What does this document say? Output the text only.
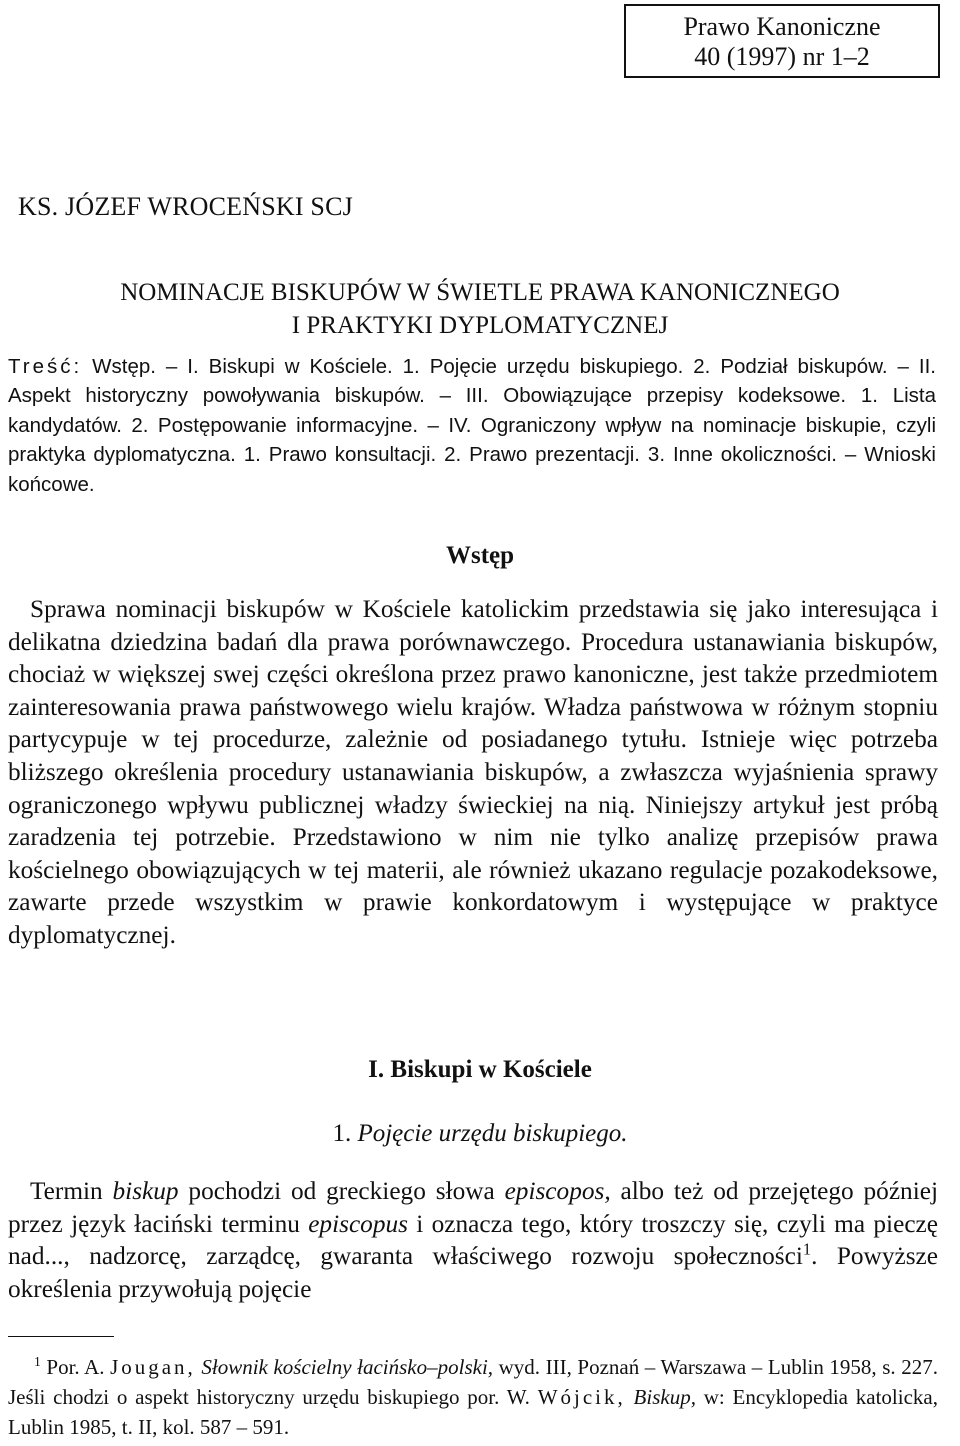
Prawo Kanoniczne
40 (1997) nr 1–2
KS. JÓZEF WROCEŃSKI SCJ
NOMINACJE BISKUPÓW W ŚWIETLE PRAWA KANONICZNEGO
I PRAKTYKI DYPLOMATYCZNEJ
Treść: Wstęp. – I. Biskupi w Kościele. 1. Pojęcie urzędu biskupiego. 2. Podział biskupów. – II. Aspekt historyczny powoływania biskupów. – III. Obowiązujące przepisy kodeksowe. 1. Lista kandydatów. 2. Postępowanie informacyjne. – IV. Ograniczony wpływ na nominacje biskupie, czyli praktyka dyplomatyczna. 1. Prawo konsultacji. 2. Prawo prezentacji. 3. Inne okoliczności. – Wnioski końcowe.
Wstęp
Sprawa nominacji biskupów w Kościele katolickim przedstawia się jako interesująca i delikatna dziedzina badań dla prawa porównawczego. Procedura ustanawiania biskupów, chociaż w większej swej części określona przez prawo kanoniczne, jest także przedmiotem zainteresowania prawa państwowego wielu krajów. Władza państwowa w różnym stopniu partycypuje w tej procedurze, zależnie od posiadanego tytułu. Istnieje więc potrzeba bliższego określenia procedury ustanawiania biskupów, a zwłaszcza wyjaśnienia sprawy ograniczonego wpływu publicznej władzy świeckiej na nią. Niniejszy artykuł jest próbą zaradzenia tej potrzebie. Przedstawiono w nim nie tylko analizę przepisów prawa kościelnego obowiązujących w tej materii, ale również ukazano regulacje pozakodeksowe, zawarte przede wszystkim w prawie konkordatowym i występujące w praktyce dyplomatycznej.
I. Biskupi w Kościele
1. Pojęcie urzędu biskupiego.
Termin biskup pochodzi od greckiego słowa episcopos, albo też od przejętego później przez język łaciński terminu episcopus i oznacza tego, który troszczy się, czyli ma pieczę nad..., nadzorcę, zarządcę, gwaranta właściwego rozwoju społeczności$^1$. Powyższe określenia przywołują pojęcie
$^1$ Por. A. Jougan, Słownik kościelny łacińsko–polski, wyd. III, Poznań – Warszawa – Lublin 1958, s. 227. Jeśli chodzi o aspekt historyczny urzędu biskupiego por. W. Wójcik, Biskup, w: Encyklopedia katolicka, Lublin 1985, t. II, kol. 587 – 591.
